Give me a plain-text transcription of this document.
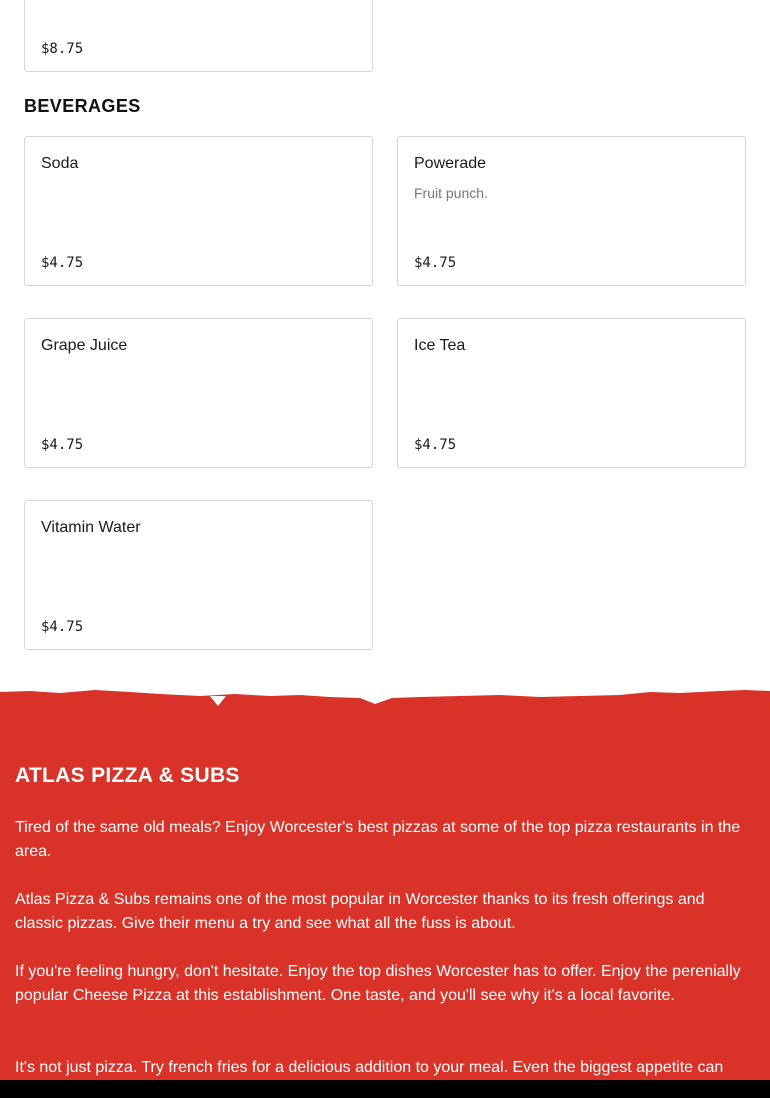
$8.75
BEVERAGES
Soda
$4.75
Powerade
Fruit punch.
$4.75
Grape Juice
$4.75
Ice Tea
$4.75
Vitamin Water
$4.75
ATLAS PIZZA & SUBS

Tired of the same old meals? Enjoy Worcester's best pizzas at some of the top pizza restaurants in the area.

Atlas Pizza & Subs remains one of the most popular in Worcester thanks to its fresh offerings and classic pizzas. Give their menu a try and see what all the fuss is about.

If you're feeling hungry, don't hesitate. Enjoy the top dishes Worcester has to offer. Enjoy the perenially popular Cheese Pizza at this establishment. One taste, and you'll see why it's a local favorite.

It's not just pizza. Try french fries for a delicious addition to your meal. Even the biggest appetite can
